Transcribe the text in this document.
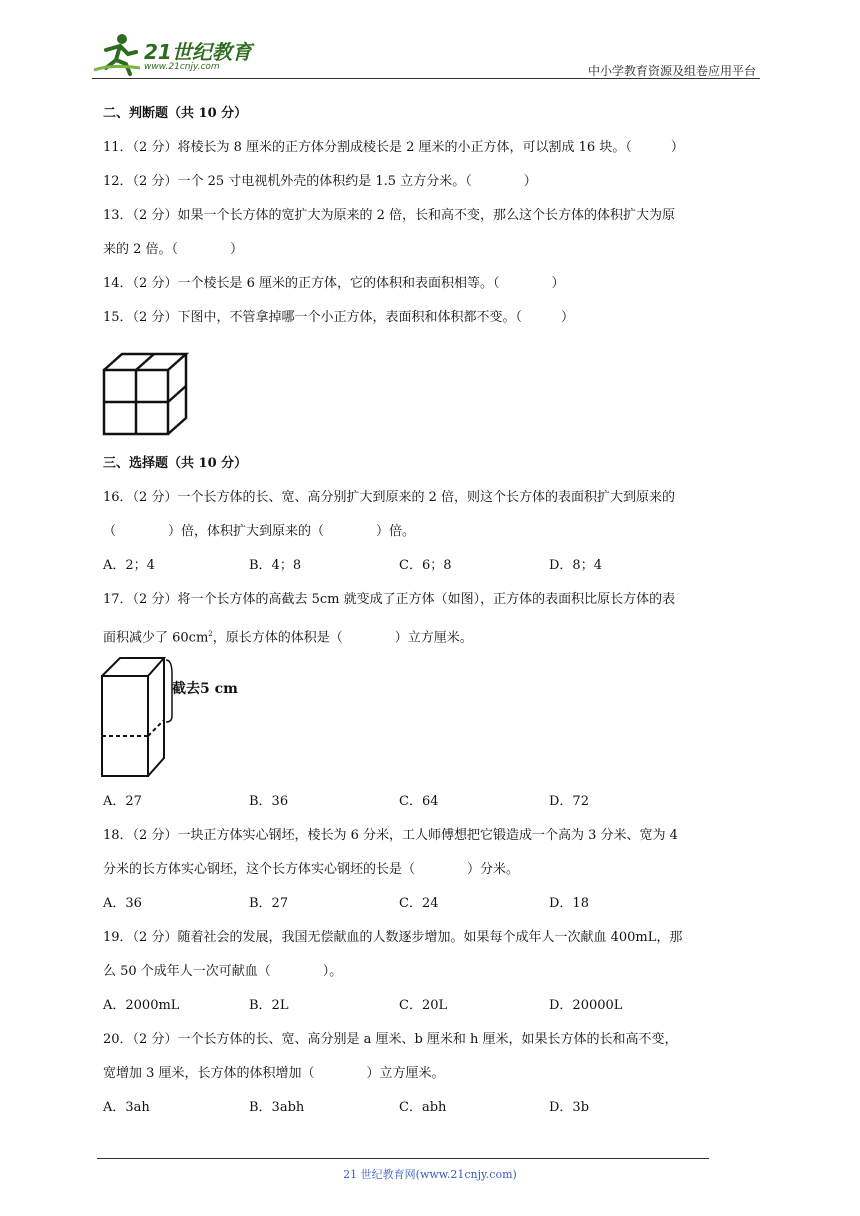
21世纪教育
www.21cnjy.com	中小学教育资源及组卷应用平台
二、判断题（共 10 分）
11．（2 分）将棱长为 8 厘米的正方体分割成棱长是 2 厘米的小正方体，可以割成 16 块。（　　　）
12．（2 分）一个 25 寸电视机外壳的体积约是 1.5 立方分米。（　　　　）
13．（2 分）如果一个长方体的宽扩大为原来的 2 倍，长和高不变，那么这个长方体的体积扩大为原
来的 2 倍。（　　　　）
14．（2 分）一个棱长是 6 厘米的正方体，它的体积和表面积相等。（　　　　）
15．（2 分）下图中，不管拿掉哪一个小正方体，表面积和体积都不变。（　　　）
三、选择题（共 10 分）
16．（2 分）一个长方体的长、宽、高分别扩大到原来的 2 倍，则这个长方体的表面积扩大到原来的
（　　　　）倍，体积扩大到原来的（　　　　）倍。
A．2；4	B．4；8	C．6；8	D．8；4
17．（2 分）将一个长方体的高截去 5cm 就变成了正方体（如图），正方体的表面积比原长方体的表
面积减少了 $60cm^2$，原长方体的体积是（　　　　）立方厘米。
截去5 cm
A．27	B．36	C．64	D．72
18．（2 分）一块正方体实心钢坯，棱长为 6 分米，工人师傅想把它锻造成一个高为 3 分米、宽为 4
分米的长方体实心钢坯，这个长方体实心钢坯的长是（　　　　）分米。
A．36	B．27	C．24	D．18
19．（2 分）随着社会的发展，我国无偿献血的人数逐步增加。如果每个成年人一次献血 400mL，那
么 50 个成年人一次可献血（　　　　）。
A．2000mL	B．2L	C．20L	D．20000L
20．（2 分）一个长方体的长、宽、高分别是 a 厘米、b 厘米和 h 厘米，如果长方体的长和高不变，
宽增加 3 厘米，长方体的体积增加（　　　　）立方厘米。
A．3ah	B．3abh	C．abh	D．3b
21 世纪教育网(www.21cnjy.com)
